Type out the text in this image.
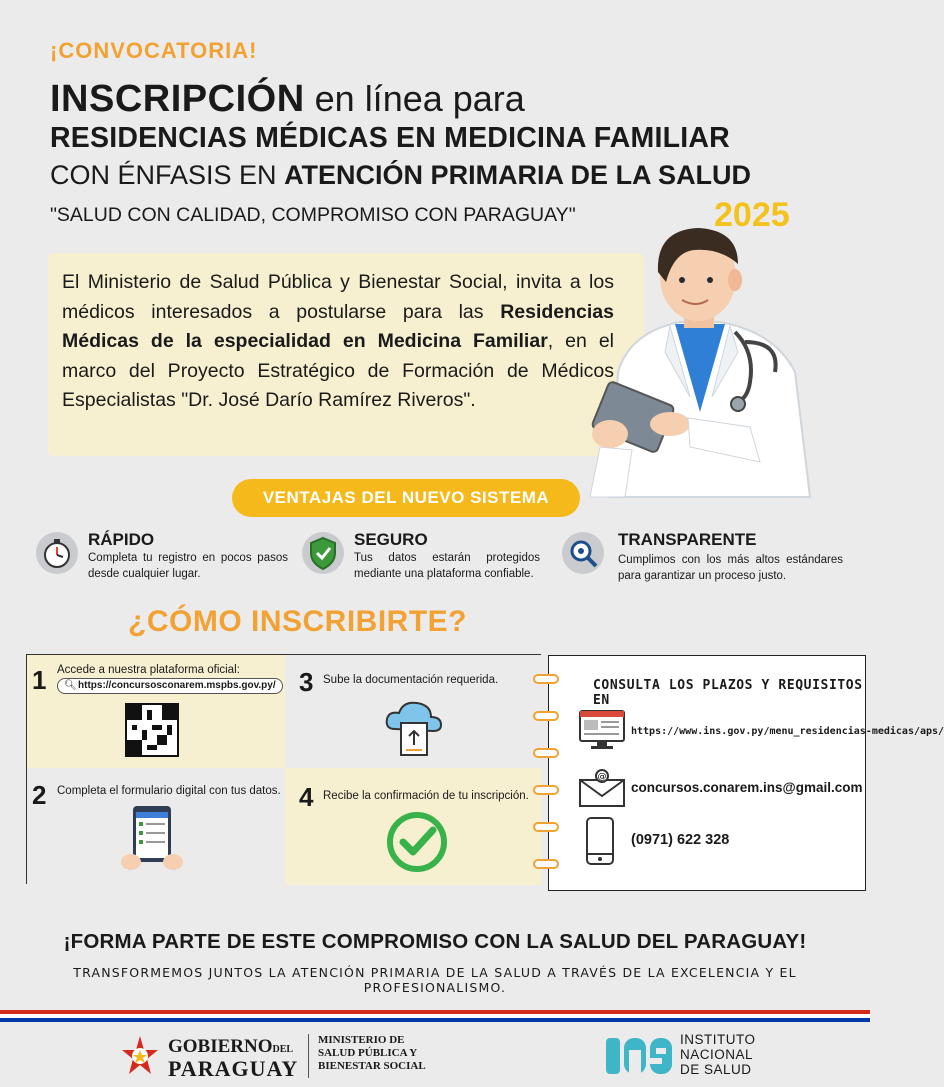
¡CONVOCATORIA!
INSCRIPCIÓN en línea para
RESIDENCIAS MÉDICAS EN MEDICINA FAMILIAR
CON ÉNFASIS EN ATENCIÓN PRIMARIA DE LA SALUD
"SALUD CON CALIDAD, COMPROMISO CON PARAGUAY"	2025
El Ministerio de Salud Pública y Bienestar Social, invita a los médicos interesados a postularse para las Residencias Médicas de la especialidad en Medicina Familiar, en el marco del Proyecto Estratégico de Formación de Médicos Especialistas "Dr. José Darío Ramírez Riveros".
VENTAJAS DEL NUEVO SISTEMA
RÁPIDO
Completa tu registro en pocos pasos desde cualquier lugar.
SEGURO
Tus datos estarán protegidos mediante una plataforma confiable.
TRANSPARENTE
Cumplimos con los más altos estándares para garantizar un proceso justo.
¿CÓMO INSCRIBIRTE?
1 Accede a nuestra plataforma oficial:
🔍︎ https://concursosconarem.mspbs.gov.py/ 3 Sube la documentación requerida.
2 Completa el formulario digital con tus datos. 4 Recibe la confirmación de tu inscripción.
CONSULTA LOS PLAZOS Y REQUISITOS EN
https://www.ins.gov.py/menu_residencias-medicas/aps/
@
concursos.conarem.ins@gmail.com
(0971) 622 328
¡FORMA PARTE DE ESTE COMPROMISO CON LA SALUD DEL PARAGUAY!
TRANSFORMEMOS JUNTOS LA ATENCIÓN PRIMARIA DE LA SALUD A TRAVÉS DE LA EXCELENCIA Y EL PROFESIONALISMO.
GOBIERNODEL
PARAGUAY
MINISTERIO DE
SALUD PÚBLICA Y
BIENESTAR SOCIAL
INSTITUTO
NACIONAL
DE SALUD
